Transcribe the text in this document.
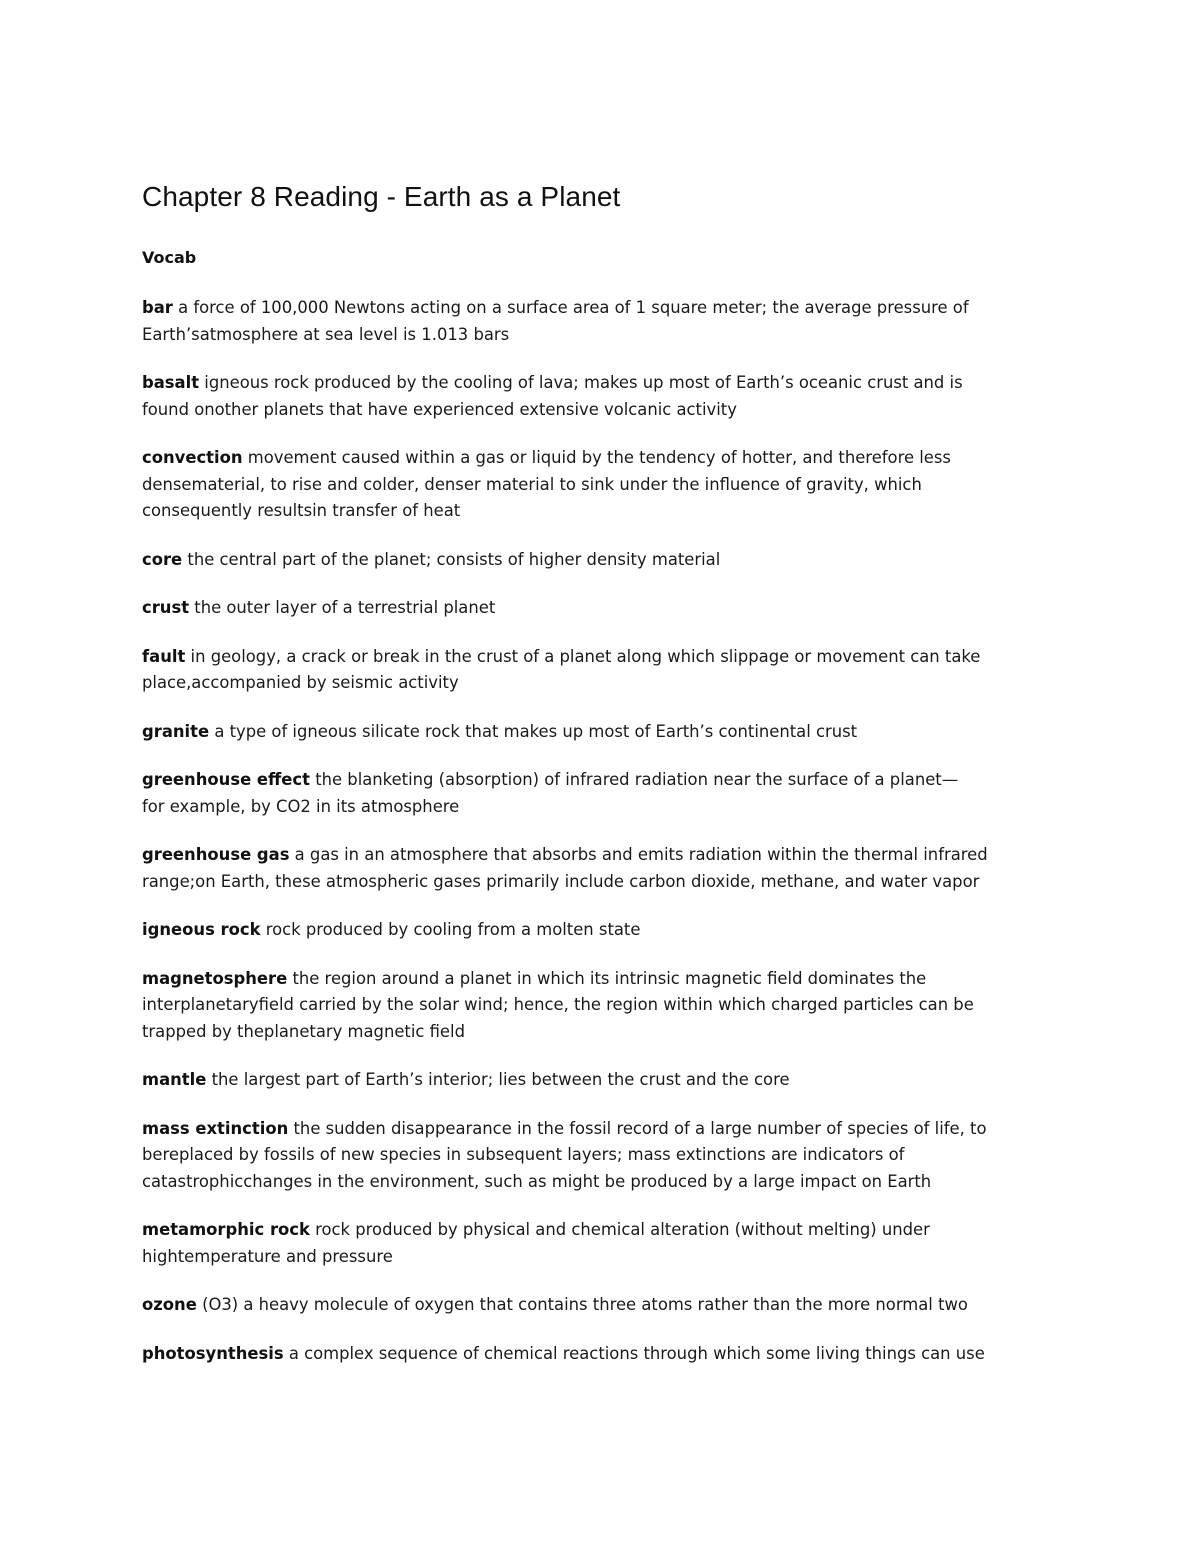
Chapter 8 Reading - Earth as a Planet
Vocab

bar a force of 100,000 Newtons acting on a surface area of 1 square meter; the average pressure of
Earth’satmosphere at sea level is 1.013 bars

basalt igneous rock produced by the cooling of lava; makes up most of Earth’s oceanic crust and is
found onother planets that have experienced extensive volcanic activity

convection movement caused within a gas or liquid by the tendency of hotter, and therefore less
densematerial, to rise and colder, denser material to sink under the influence of gravity, which
consequently resultsin transfer of heat

core the central part of the planet; consists of higher density material

crust the outer layer of a terrestrial planet

fault in geology, a crack or break in the crust of a planet along which slippage or movement can take
place,accompanied by seismic activity

granite a type of igneous silicate rock that makes up most of Earth’s continental crust

greenhouse effect the blanketing (absorption) of infrared radiation near the surface of a planet—
for example, by CO2 in its atmosphere

greenhouse gas a gas in an atmosphere that absorbs and emits radiation within the thermal infrared
range;on Earth, these atmospheric gases primarily include carbon dioxide, methane, and water vapor

igneous rock rock produced by cooling from a molten state

magnetosphere the region around a planet in which its intrinsic magnetic field dominates the
interplanetaryfield carried by the solar wind; hence, the region within which charged particles can be
trapped by theplanetary magnetic field

mantle the largest part of Earth’s interior; lies between the crust and the core

mass extinction the sudden disappearance in the fossil record of a large number of species of life, to
bereplaced by fossils of new species in subsequent layers; mass extinctions are indicators of
catastrophicchanges in the environment, such as might be produced by a large impact on Earth

metamorphic rock rock produced by physical and chemical alteration (without melting) under
hightemperature and pressure

ozone (O3) a heavy molecule of oxygen that contains three atoms rather than the more normal two

photosynthesis a complex sequence of chemical reactions through which some living things can use
